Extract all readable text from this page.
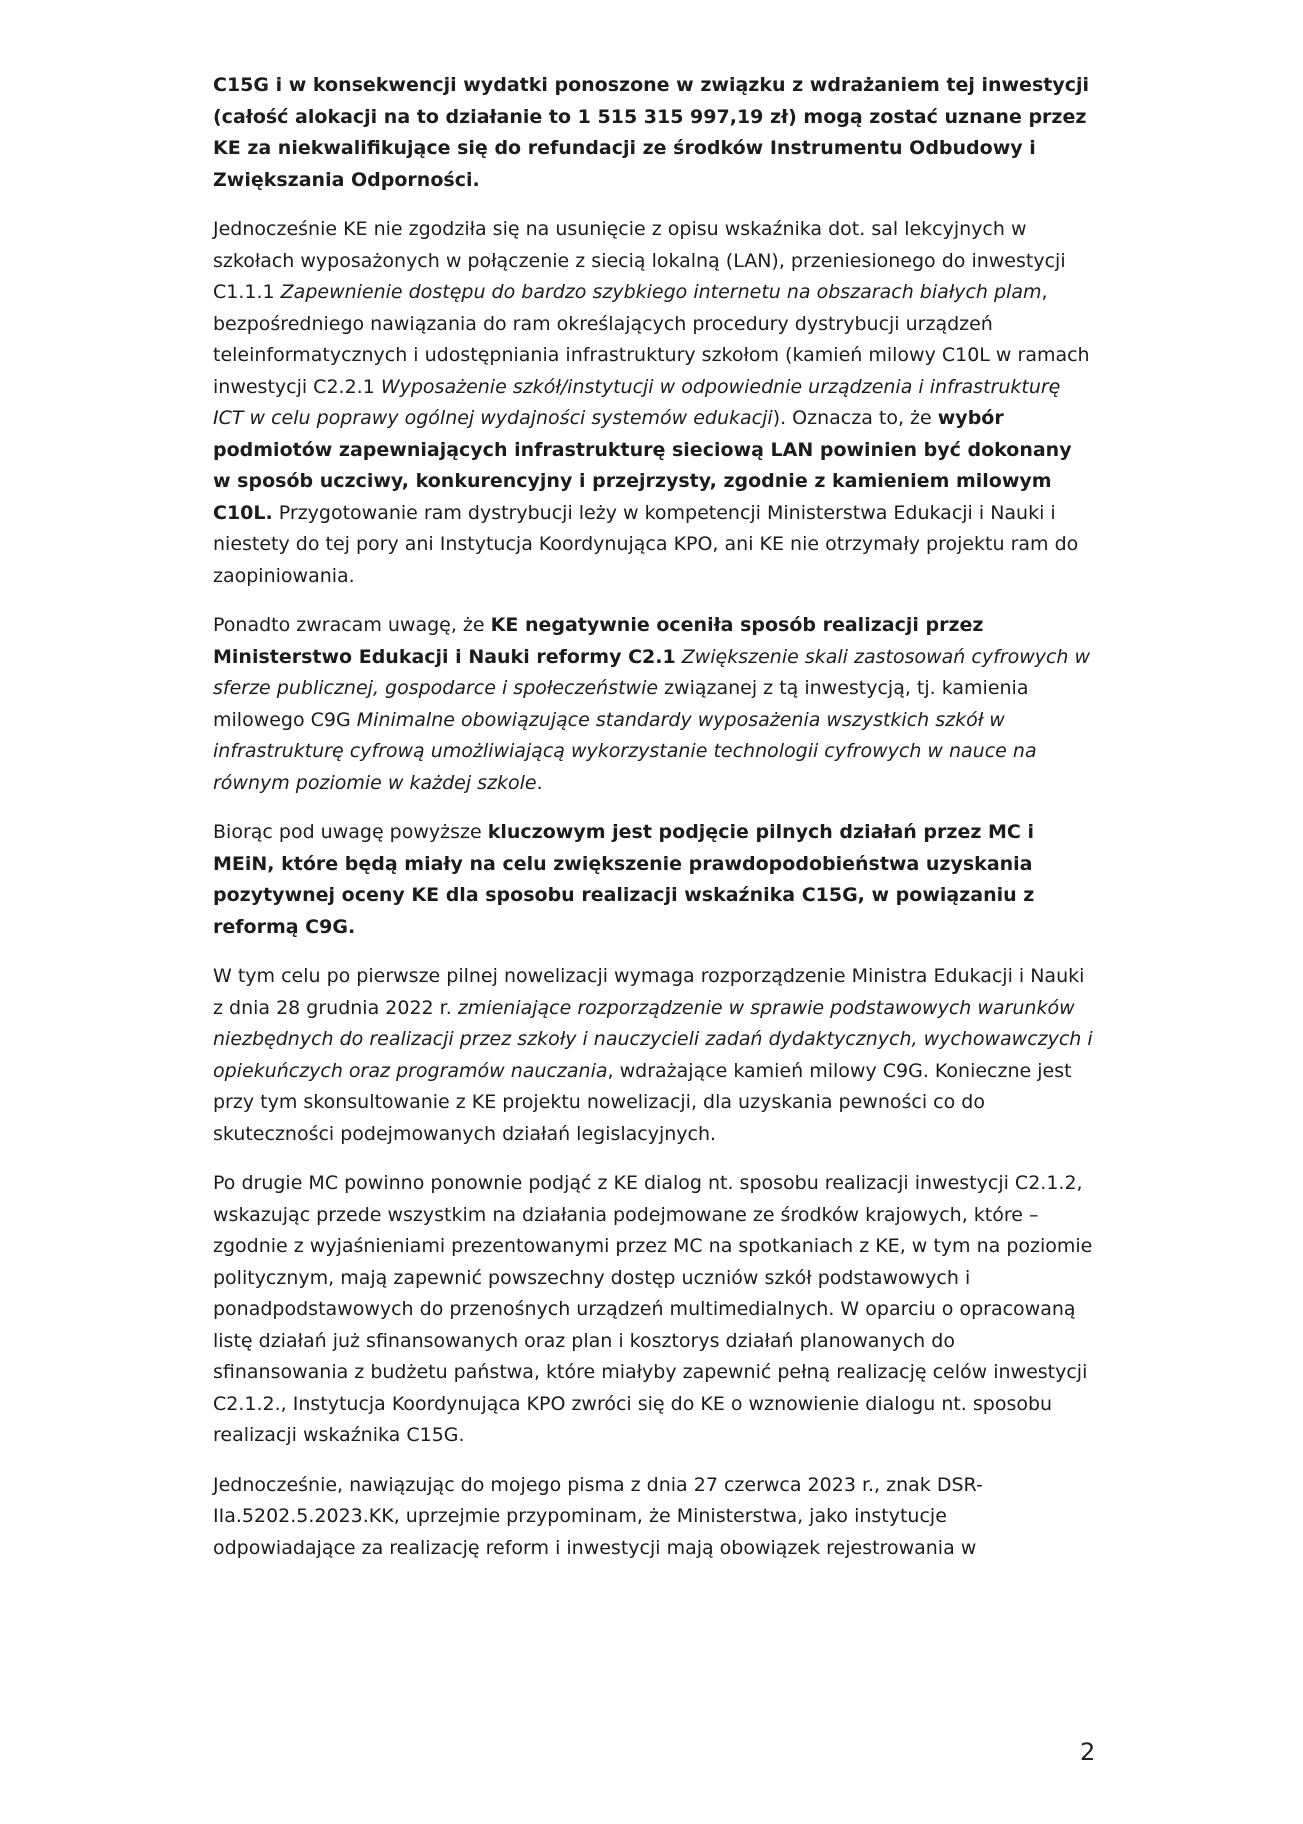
C15G i w konsekwencji wydatki ponoszone w związku z wdrażaniem tej inwestycji (całość alokacji na to działanie to 1 515 315 997,19 zł) mogą zostać uznane przez KE za niekwalifikujące się do refundacji ze środków Instrumentu Odbudowy i Zwiększania Odporności.

Jednocześnie KE nie zgodziła się na usunięcie z opisu wskaźnika dot. sal lekcyjnych w szkołach wyposażonych w połączenie z siecią lokalną (LAN), przeniesionego do inwestycji C1.1.1 Zapewnienie dostępu do bardzo szybkiego internetu na obszarach białych plam, bezpośredniego nawiązania do ram określających procedury dystrybucji urządzeń teleinformatycznych i udostępniania infrastruktury szkołom (kamień milowy C10L w ramach inwestycji C2.2.1 Wyposażenie szkół/instytucji w odpowiednie urządzenia i infrastrukturę ICT w celu poprawy ogólnej wydajności systemów edukacji). Oznacza to, że wybór podmiotów zapewniających infrastrukturę sieciową LAN powinien być dokonany w sposób uczciwy, konkurencyjny i przejrzysty, zgodnie z kamieniem milowym C10L. Przygotowanie ram dystrybucji leży w kompetencji Ministerstwa Edukacji i Nauki i niestety do tej pory ani Instytucja Koordynująca KPO, ani KE nie otrzymały projektu ram do zaopiniowania.

Ponadto zwracam uwagę, że KE negatywnie oceniła sposób realizacji przez Ministerstwo Edukacji i Nauki reformy C2.1 Zwiększenie skali zastosowań cyfrowych w sferze publicznej, gospodarce i społeczeństwie związanej z tą inwestycją, tj. kamienia milowego C9G Minimalne obowiązujące standardy wyposażenia wszystkich szkół w infrastrukturę cyfrową umożliwiającą wykorzystanie technologii cyfrowych w nauce na równym poziomie w każdej szkole.

Biorąc pod uwagę powyższe kluczowym jest podjęcie pilnych działań przez MC i MEiN, które będą miały na celu zwiększenie prawdopodobieństwa uzyskania pozytywnej oceny KE dla sposobu realizacji wskaźnika C15G, w powiązaniu z reformą C9G.

W tym celu po pierwsze pilnej nowelizacji wymaga rozporządzenie Ministra Edukacji i Nauki z dnia 28 grudnia 2022 r. zmieniające rozporządzenie w sprawie podstawowych warunków niezbędnych do realizacji przez szkoły i nauczycieli zadań dydaktycznych, wychowawczych i opiekuńczych oraz programów nauczania, wdrażające kamień milowy C9G. Konieczne jest przy tym skonsultowanie z KE projektu nowelizacji, dla uzyskania pewności co do skuteczności podejmowanych działań legislacyjnych.

Po drugie MC powinno ponownie podjąć z KE dialog nt. sposobu realizacji inwestycji C2.1.2, wskazując przede wszystkim na działania podejmowane ze środków krajowych, które – zgodnie z wyjaśnieniami prezentowanymi przez MC na spotkaniach z KE, w tym na poziomie politycznym, mają zapewnić powszechny dostęp uczniów szkół podstawowych i ponadpodstawowych do przenośnych urządzeń multimedialnych. W oparciu o opracowaną listę działań już sfinansowanych oraz plan i kosztorys działań planowanych do sfinansowania z budżetu państwa, które miałyby zapewnić pełną realizację celów inwestycji C2.1.2., Instytucja Koordynująca KPO zwróci się do KE o wznowienie dialogu nt. sposobu realizacji wskaźnika C15G.

Jednocześnie, nawiązując do mojego pisma z dnia 27 czerwca 2023 r., znak DSR-IIa.5202.5.2023.KK, uprzejmie przypominam, że Ministerstwa, jako instytucje odpowiadające za realizację reform i inwestycji mają obowiązek rejestrowania w

2
